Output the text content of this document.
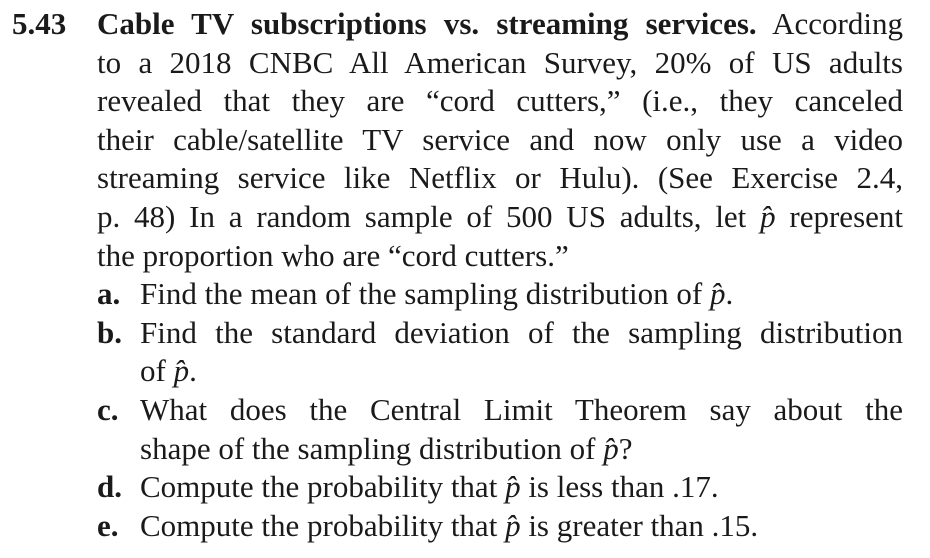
5.43 Cable TV subscriptions vs. streaming services. According
to a 2018 CNBC All American Survey, 20% of US adults
revealed that they are “cord cutters,” (i.e., they canceled
their cable/satellite TV service and now only use a video
streaming service like Netflix or Hulu). (See Exercise 2.4,
p. 48) In a random sample of 500 US adults, let p̂ represent
the proportion who are “cord cutters.”
a. Find the mean of the sampling distribution of p̂.
b. Find the standard deviation of the sampling distribution
of p̂.
c. What does the Central Limit Theorem say about the
shape of the sampling distribution of p̂?
d. Compute the probability that p̂ is less than .17.
e. Compute the probability that p̂ is greater than .15.
